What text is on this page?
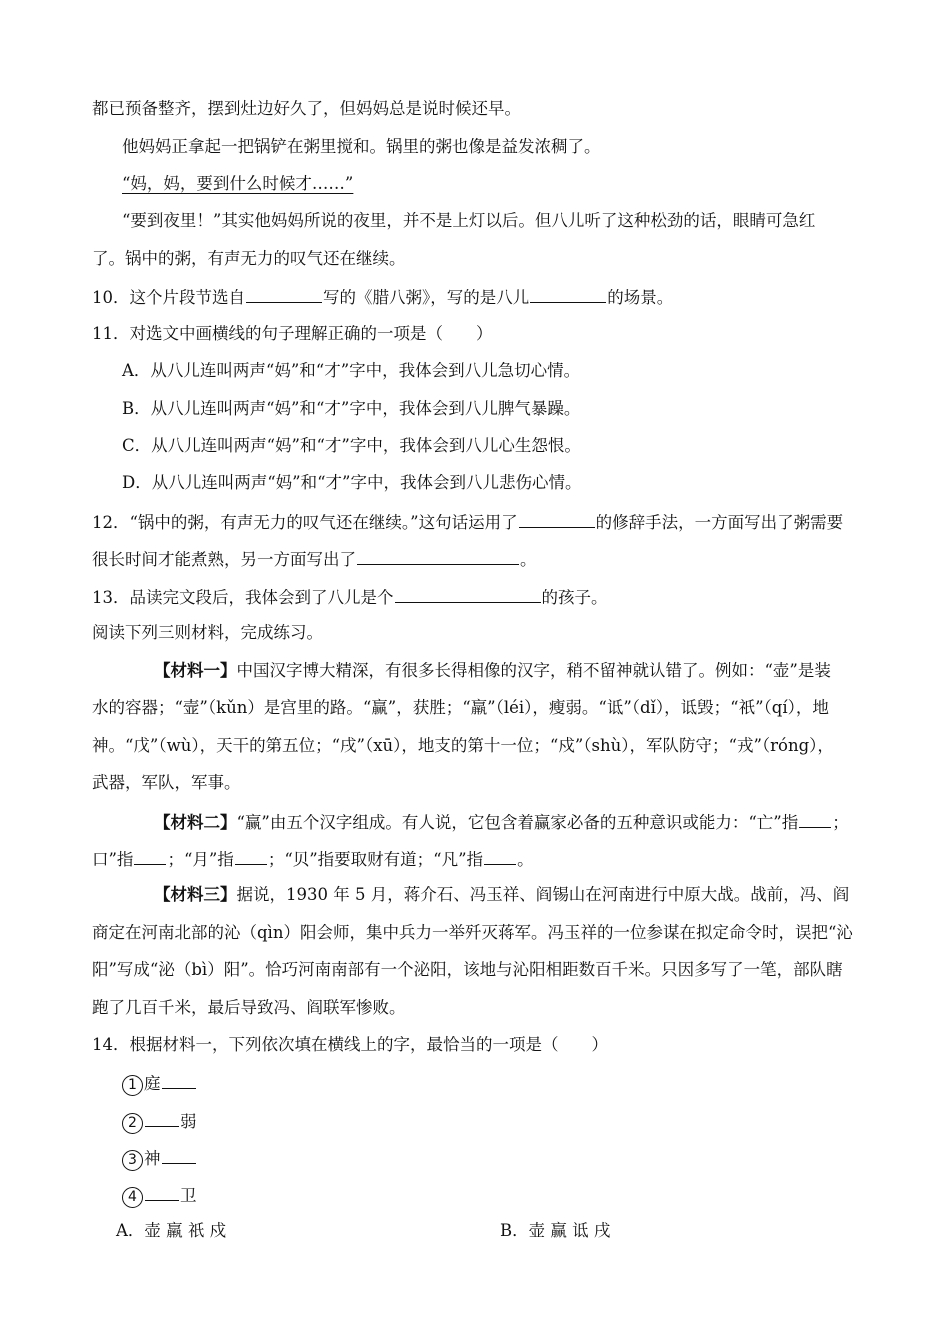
都已预备整齐，摆到灶边好久了，但妈妈总是说时候还早。
他妈妈正拿起一把锅铲在粥里搅和。锅里的粥也像是益发浓稠了。
“妈，妈，要到什么时候才……”
“要到夜里！”其实他妈妈所说的夜里，并不是上灯以后。但八儿听了这种松劲的话，眼睛可急红
了。锅中的粥，有声无力的叹气还在继续。
10．这个片段节选自	写的《腊八粥》，写的是八儿	的场景。
11．对选文中画横线的句子理解正确的一项是（　　）
A．从八儿连叫两声“妈”和“才”字中，我体会到八儿急切心情。
B．从八儿连叫两声“妈”和“才”字中，我体会到八儿脾气暴躁。
C．从八儿连叫两声“妈”和“才”字中，我体会到八儿心生怨恨。
D．从八儿连叫两声“妈”和“才”字中，我体会到八儿悲伤心情。
12．“锅中的粥，有声无力的叹气还在继续。”这句话运用了	的修辞手法，一方面写出了粥需要
很长时间才能煮熟，另一方面写出了	。
13．品读完文段后，我体会到了八儿是个	的孩子。
阅读下列三则材料，完成练习。
【材料一】中国汉字博大精深，有很多长得相像的汉字，稍不留神就认错了。例如：“壶”是装
水的容器；“壸”（kǔn）是宫里的路。“赢”，获胜；“羸”（léi），瘦弱。“诋”（dǐ），诋毁；“祇”（qí），地
神。“戊”（wù），天干的第五位；“戌”（xū），地支的第十一位；“戍”（shù），军队防守；“戎”（róng），
武器，军队，军事。
【材料二】“赢”由五个汉字组成。有人说，它包含着赢家必备的五种意识或能力：“亡”指 ；
口”指 ；“月”指 ；“贝”指要取财有道；“凡”指 。
【材料三】据说，1930 年 5 月，蒋介石、冯玉祥、阎锡山在河南进行中原大战。战前，冯、阎
商定在河南北部的沁（qìn）阳会师，集中兵力一举歼灭蒋军。冯玉祥的一位参谋在拟定命令时，误把“沁
阳”写成“泌（bì）阳”。恰巧河南南部有一个泌阳，该地与沁阳相距数百千米。只因多写了一笔，部队瞎
跑了几百千米，最后导致冯、阎联军惨败。
14．根据材料一，下列依次填在横线上的字，最恰当的一项是（　　）
1 庭
2	弱
3 神
4	卫
A．壶 羸 祇 戍	B．壶 赢 诋 戌
